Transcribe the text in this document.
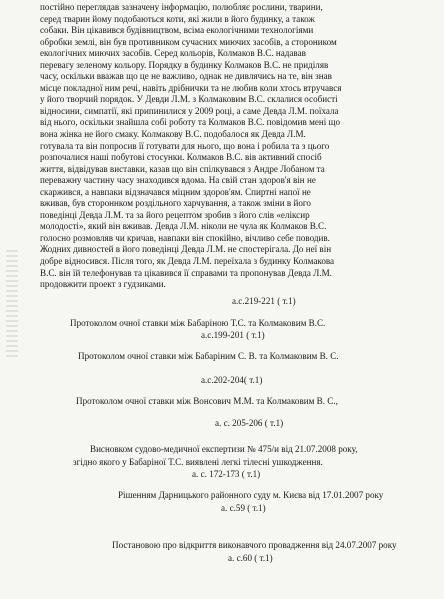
постійно переглядав зазначену інформацію, полюбляє рослини, тварини,
серед тварин йому подобаються коти, які жили в його будинку, а також
собаки. Він цікавився будівництвом, всіма екологічними технологіями
обробки землі, він був противником сучасних миючих засобів, а стороником
екологічних миючих засобів. Серед кольорів, Колмаков В.С. надавав
перевагу зеленому кольору. Порядку в будинку Колмаков В.С. не приділяв
часу, оскільки вважав що це не важливо, однак не дивлячись на те, він знав
місце покладної ним речі, навіть дрібнички та не любив коли хтось втручався
у його творчий порядок. У Девди Л.М. з Колмаковим В.С. склалися особисті
відносини, симпатії, які припинилися у 2009 році, а саме Девда Л.М. поїхала
від нього, оскільки знайшла собі роботу та Колмаков В.С. повідомив мені що
вона жінка не його смаку. Колмакову В.С. подобалося як Девда Л.М.
готувала та він попросив її готувати для нього, що вона і робила та з цього
розпочалися наші побутові стосунки. Колмаков В.С. вів активний спосіб
життя, відвідував виставки, казав що він спілкувався з Андре Лобаном та
переважну частину часу знаходився вдома. На свій стан здоров'я він не
скаржився, а навпаки відзначався міцним здоров'ям. Спиртні напої не
вживав, був стороннком роздільного харчування, а також зміни в його
поведінці Девда Л.М. та за його рецептом зробив з його слів «еліксир
молодості», який він вживав. Девда Л.М. ніколи не чула як Колмаков В.С.
голосно розмовляв чи кричав, навпаки він спокійно, вічливо себе поводив.
Жодних дивностей в його поведінці Девда Л.М. не спостерігала. До неї він
добре відносився. Після того, як Девда Л.М. переїхала з будинку Колмакова
В.С. він їй телефонував та цікавився її справами та пропонував Девда Л.М.
продовжити проект з гудзиками.
а.с.219-221 ( т.1)
Протоколом очної ставки між Бабаріною Т.С. та Колмаковим В.С.
а.с.199-201 ( т.1)
Протоколом очної ставки між Бабаріним С. В. та Колмаковим В. С.
а.с.202-204( т.1)
Протоколом очної ставки між Вонсович М.М. та Колмаковим В. С.,
а. с. 205-206 ( т.1)
Висновком судово-медичної експертизи № 475/и від 21.07.2008 року,
згідно якого у Бабаріної Т.С. виявлені легкі тілесні ушкодження.
а. с. 172-173 ( т.1)
Рішенням Дарницького районного суду м. Києва від 17.01.2007 року
а. с.59 ( т.1)
Постановою про відкриття виконавчого провадження від 24.07.2007 року
а. с.60 ( т.1)
